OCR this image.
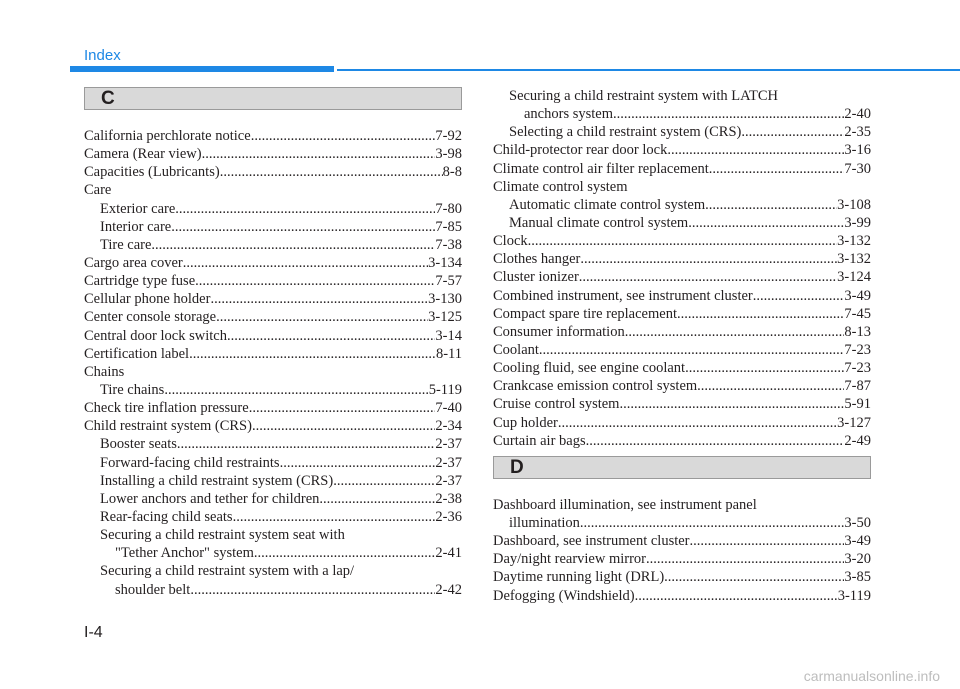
Index
C
California perchlorate notice .....	7-92
Camera (Rear view) .....	3-98
Capacities (Lubricants) .....	8-8
Care
Exterior care .....	7-80
Interior care .....	7-85
Tire care .....	7-38
Cargo area cover .....	3-134
Cartridge type fuse .....	7-57
Cellular phone holder .....	3-130
Center console storage .....	3-125
Central door lock switch .....	3-14
Certification label .....	8-11
Chains
Tire chains .....	5-119
Check tire inflation pressure .....	7-40
Child restraint system (CRS) .....	2-34
Booster seats .....	2-37
Forward-facing child restraints .....	2-37
Installing a child restraint system (CRS) .....	2-37
Lower anchors and tether for children .....	2-38
Rear-facing child seats .....	2-36
Securing a child restraint system seat with
"Tether Anchor" system .....	2-41
Securing a child restraint system with a lap/
shoulder belt .....	2-42
Securing a child restraint system with LATCH
anchors system .....	2-40
Selecting a child restraint system (CRS) .....	2-35
Child-protector rear door lock .....	3-16
Climate control air filter replacement .....	7-30
Climate control system
Automatic climate control system .....	3-108
Manual climate control system .....	3-99
Clock .....	3-132
Clothes hanger .....	3-132
Cluster ionizer .....	3-124
Combined instrument, see instrument cluster .....	3-49
Compact spare tire replacement .....	7-45
Consumer information .....	8-13
Coolant .....	7-23
Cooling fluid, see engine coolant .....	7-23
Crankcase emission control system .....	7-87
Cruise control system .....	5-91
Cup holder .....	3-127
Curtain air bags .....	2-49
D
Dashboard illumination, see instrument panel
illumination .....	3-50
Dashboard, see instrument cluster .....	3-49
Day/night rearview mirror .....	3-20
Daytime running light (DRL) .....	3-85
Defogging (Windshield) .....	3-119
I-4
carmanualsonline.info
